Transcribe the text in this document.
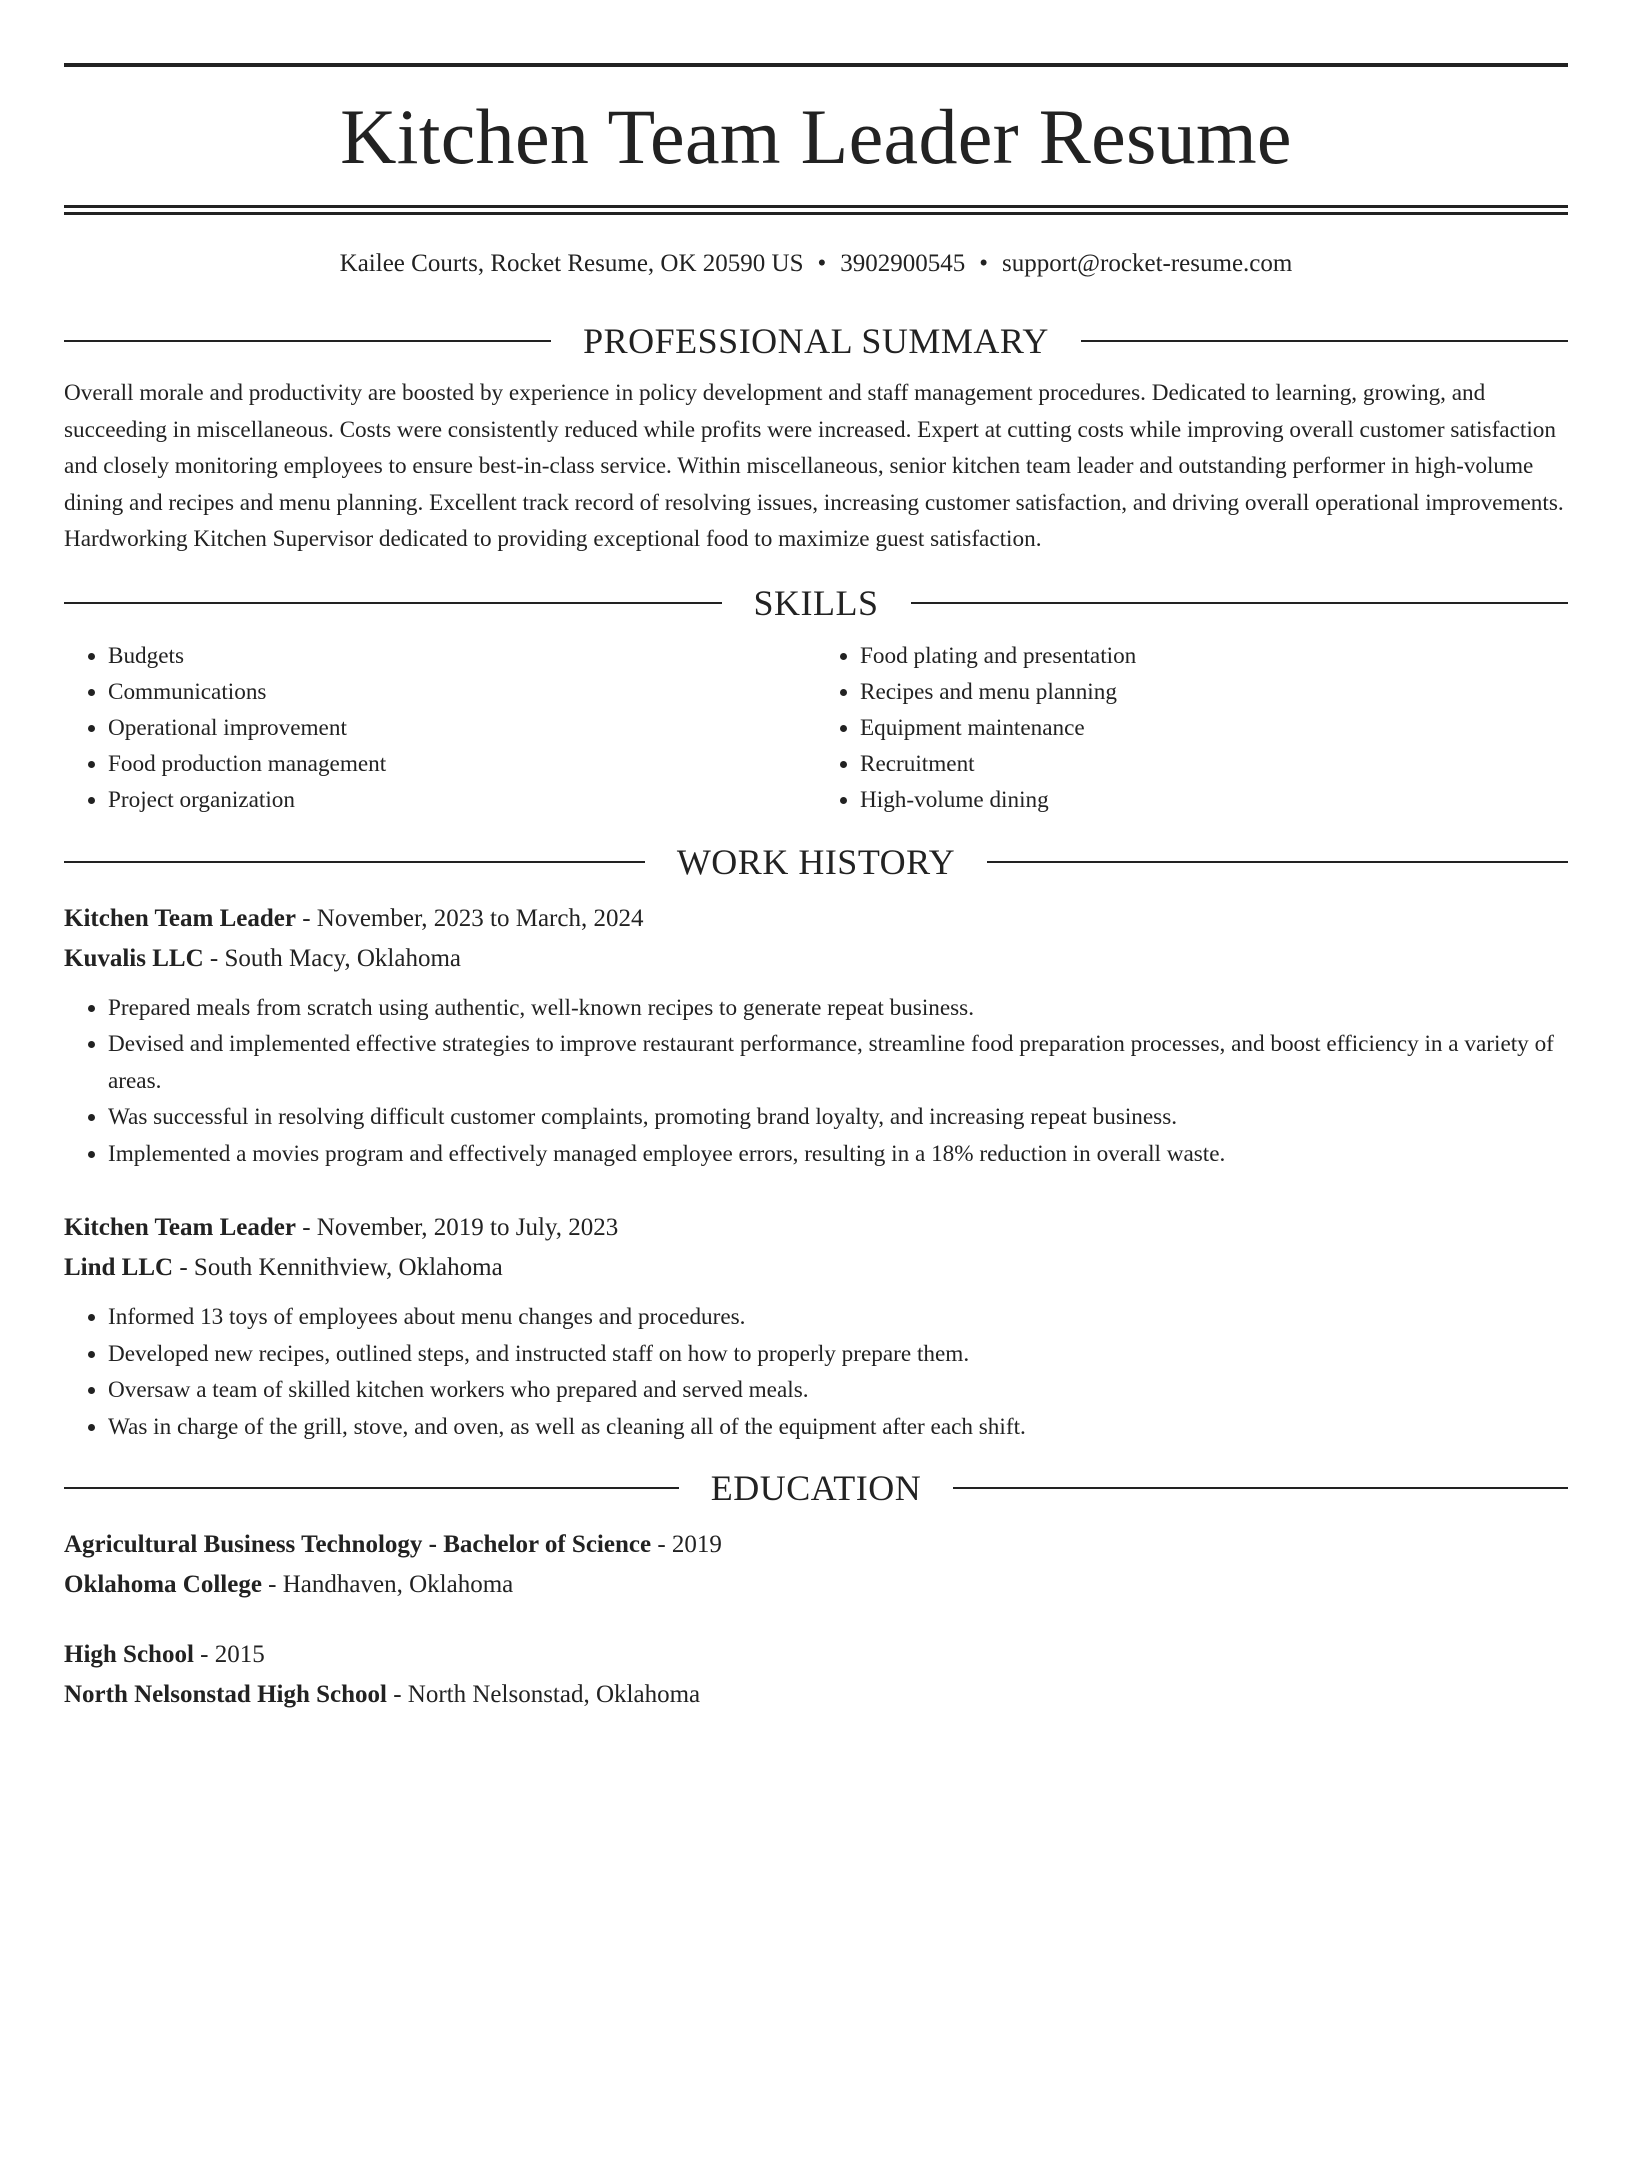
Kitchen Team Leader Resume
Kailee Courts, Rocket Resume, OK 20590 US • 3902900545 • support@rocket-resume.com
PROFESSIONAL SUMMARY

Overall morale and productivity are boosted by experience in policy development and staff management procedures. Dedicated to learning, growing, and succeeding in miscellaneous. Costs were consistently reduced while profits were increased. Expert at cutting costs while improving overall customer satisfaction and closely monitoring employees to ensure best-in-class service. Within miscellaneous, senior kitchen team leader and outstanding performer in high-volume dining and recipes and menu planning. Excellent track record of resolving issues, increasing customer satisfaction, and driving overall operational improvements. Hardworking Kitchen Supervisor dedicated to providing exceptional food to maximize guest satisfaction.

SKILLS
• Budgets
• Communications
• Operational improvement
• Food production management
• Project organization
• Food plating and presentation
• Recipes and menu planning
• Equipment maintenance
• Recruitment
• High-volume dining
WORK HISTORY
Kitchen Team Leader - November, 2023 to March, 2024
Kuvalis LLC - South Macy, Oklahoma
• Prepared meals from scratch using authentic, well-known recipes to generate repeat business.
• Devised and implemented effective strategies to improve restaurant performance, streamline food preparation processes, and boost efficiency in a variety of areas.
• Was successful in resolving difficult customer complaints, promoting brand loyalty, and increasing repeat business.
• Implemented a movies program and effectively managed employee errors, resulting in a 18% reduction in overall waste.
Kitchen Team Leader - November, 2019 to July, 2023
Lind LLC - South Kennithview, Oklahoma
• Informed 13 toys of employees about menu changes and procedures.
• Developed new recipes, outlined steps, and instructed staff on how to properly prepare them.
• Oversaw a team of skilled kitchen workers who prepared and served meals.
• Was in charge of the grill, stove, and oven, as well as cleaning all of the equipment after each shift.
EDUCATION
Agricultural Business Technology - Bachelor of Science - 2019
Oklahoma College - Handhaven, Oklahoma
High School - 2015
North Nelsonstad High School - North Nelsonstad, Oklahoma
